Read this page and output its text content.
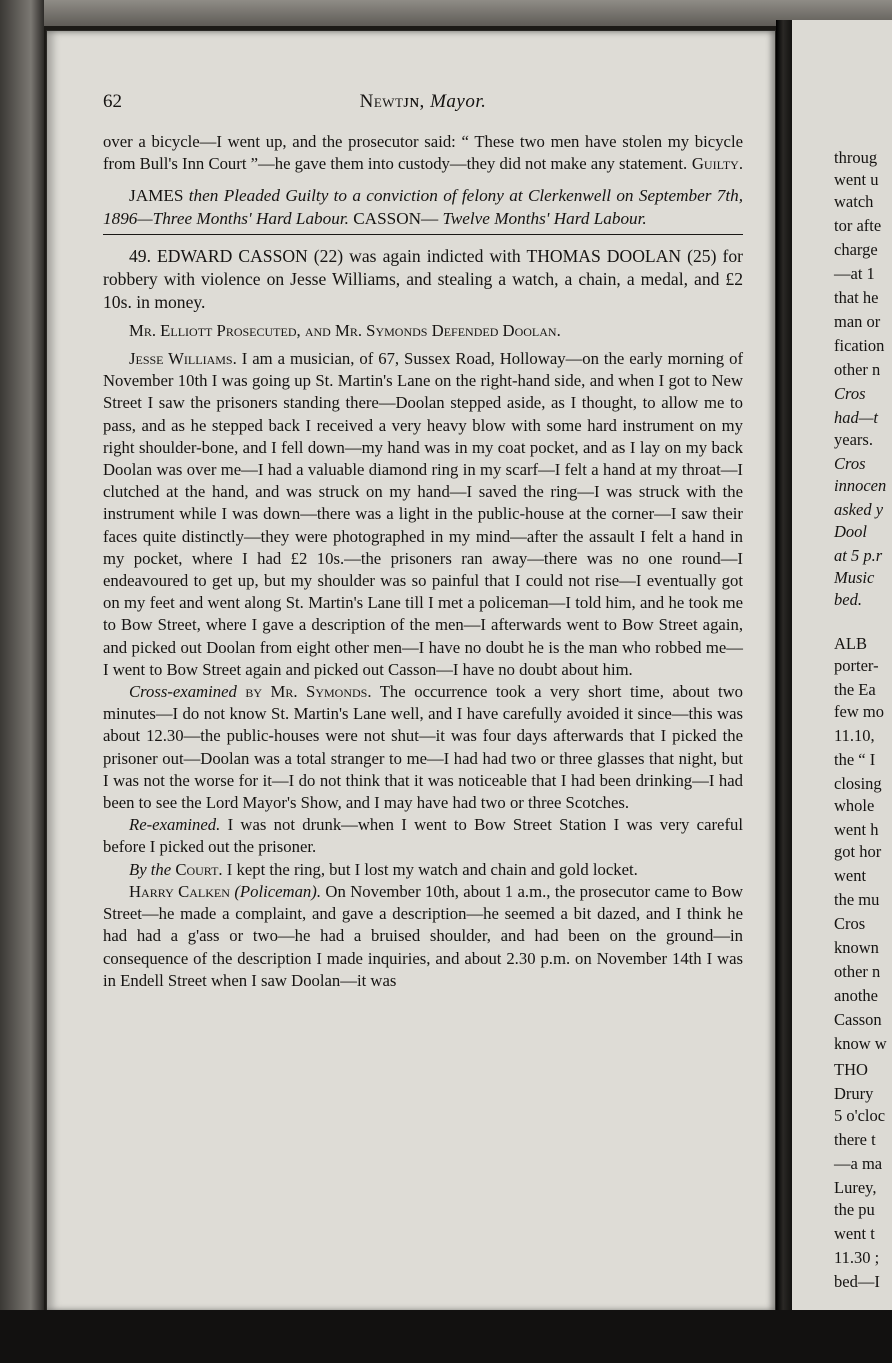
62	Newtᴊɴ, Mayor.

over a bicycle—I went up, and the prosecutor said: “ These two men have stolen my bicycle from Bull's Inn Court ”—he gave them into custody—they did not make any statement. Guilty.

JAMES then Pleaded Guilty to a conviction of felony at Clerkenwell on September 7th, 1896—Three Months' Hard Labour. CASSON— Twelve Months' Hard Labour.

49. EDWARD CASSON (22) was again indicted with THOMAS DOOLAN (25) for robbery with violence on Jesse Williams, and stealing a watch, a chain, a medal, and £2 10s. in money.

Mr. Elliott Prosecuted, and Mr. Symonds Defended Doolan.

Jesse Williams. I am a musician, of 67, Sussex Road, Holloway—on the early morning of November 10th I was going up St. Martin's Lane on the right-hand side, and when I got to New Street I saw the prisoners standing there—Doolan stepped aside, as I thought, to allow me to pass, and as he stepped back I received a very heavy blow with some hard instrument on my right shoulder-bone, and I fell down—my hand was in my coat pocket, and as I lay on my back Doolan was over me—I had a valuable diamond ring in my scarf—I felt a hand at my throat—I clutched at the hand, and was struck on my hand—I saved the ring—I was struck with the instrument while I was down—there was a light in the public-house at the corner—I saw their faces quite distinctly—they were photographed in my mind—after the assault I felt a hand in my pocket, where I had £2 10s.—the prisoners ran away—there was no one round—I endeavoured to get up, but my shoulder was so painful that I could not rise—I eventually got on my feet and went along St. Martin's Lane till I met a policeman—I told him, and he took me to Bow Street, where I gave a description of the men—I afterwards went to Bow Street again, and picked out Doolan from eight other men—I have no doubt he is the man who robbed me—I went to Bow Street again and picked out Casson—I have no doubt about him.

Cross-examined by Mr. Symonds. The occurrence took a very short time, about two minutes—I do not know St. Martin's Lane well, and I have carefully avoided it since—this was about 12.30—the public-houses were not shut—it was four days afterwards that I picked the prisoner out—Doolan was a total stranger to me—I had had two or three glasses that night, but I was not the worse for it—I do not think that it was noticeable that I had been drinking—I had been to see the Lord Mayor's Show, and I may have had two or three Scotches.

Re-examined. I was not drunk—when I went to Bow Street Station I was very careful before I picked out the prisoner.

By the Court. I kept the ring, but I lost my watch and chain and gold locket.

Harry Calken (Policeman). On November 10th, about 1 a.m., the prosecutor came to Bow Street—he made a complaint, and gave a description—he seemed a bit dazed, and I think he had had a g'ass or two—he had a bruised shoulder, and had been on the ground—in consequence of the description I made inquiries, and about 2.30 p.m. on November 14th I was in Endell Street when I saw Doolan—it was

throug
went u
watch
tor afte
charge
—at 1
that he
man or
fication
other n
Cros
had—t
years.
Cros
innocen
asked y
Dool
at 5 p.r
Music
bed.
ALB
porter-
the Ea
few mo
11.10,
the “ I
closing
whole
went h
got hor
went
the mu
Cros
known
other n
anothe
Casson
know w
THO
Drury
5 o'cloc
there t
—a ma
Lurey,
the pu
went t
11.30 ;
bed—I
